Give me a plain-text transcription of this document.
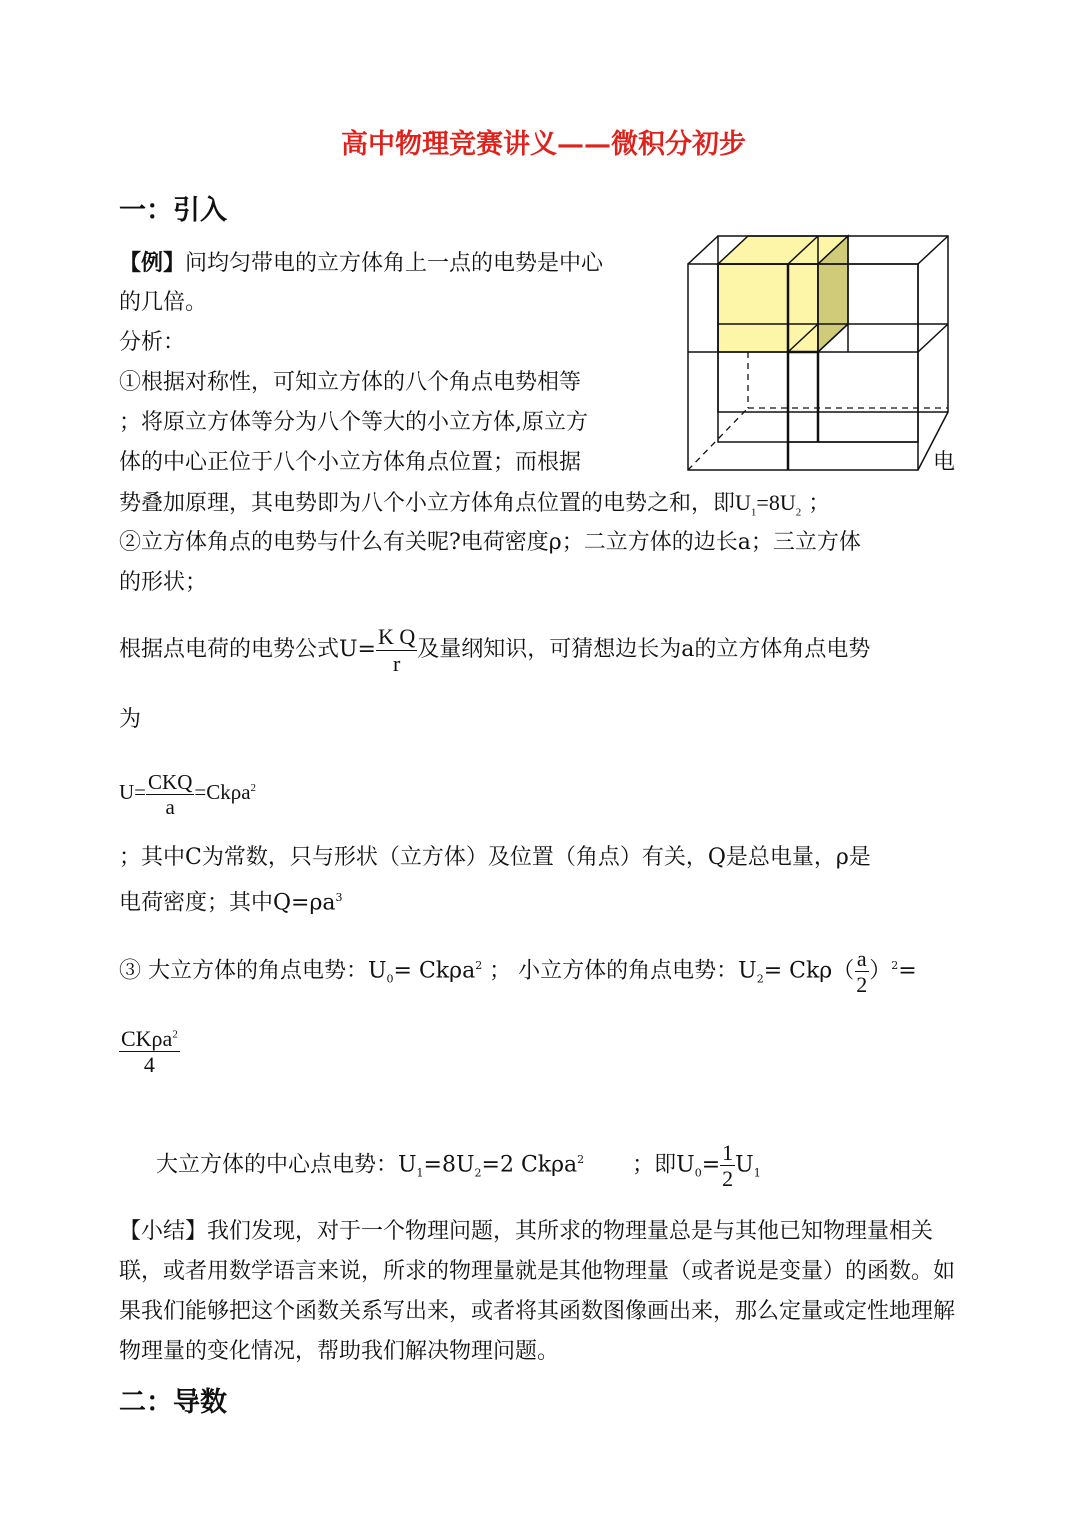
高中物理竞赛讲义——微积分初步
一：引入
【例】问均匀带电的立方体角上一点的电势是中心
的几倍。
分析：
①根据对称性，可知立方体的八个角点电势相等
；将原立方体等分为八个等大的小立方体,原立方
体的中心正位于八个小立方体角点位置；而根据	电
势叠加原理，其电势即为八个小立方体角点位置的电势之和，即$U_1=8U_2$ ；
②立方体角点的电势与什么有关呢?电荷密度ρ；二立方体的边长a；三立方体
的形状；
根据点电荷的电势公式$U= \frac{\text{K Q}}{r}$ 及量纲知识，可猜想边长为a的立方体角点电势
为
$U= \frac{\text{CKQ}}{a} =Ck\rho a^2$
；其中C为常数，只与形状（立方体）及位置（角点）有关，Q是总电量，ρ是
电荷密度；其中$Q=\rho a^3$
③ 大立方体的角点电势：$U_0= Ck\rho a^2$ ； 小立方体的角点电势：$U_2= Ck\rho( \frac{a}{2} )^2=$
$\frac{CK\rho a^2}{4}$
大立方体的中心点电势：$U_1=8U_2=2$ Ckρa$^2$ ；即$U_0= \frac{1}{2} U_1$
【小结】我们发现，对于一个物理问题，其所求的物理量总是与其他已知物理量相关联，或者用数学语言来说，所求的物理量就是其他物理量（或者说是变量）的函数。如果我们能够把这个函数关系写出来，或者将其函数图像画出来，那么定量或定性地理解物理量的变化情况，帮助我们解决物理问题。
二：导数
